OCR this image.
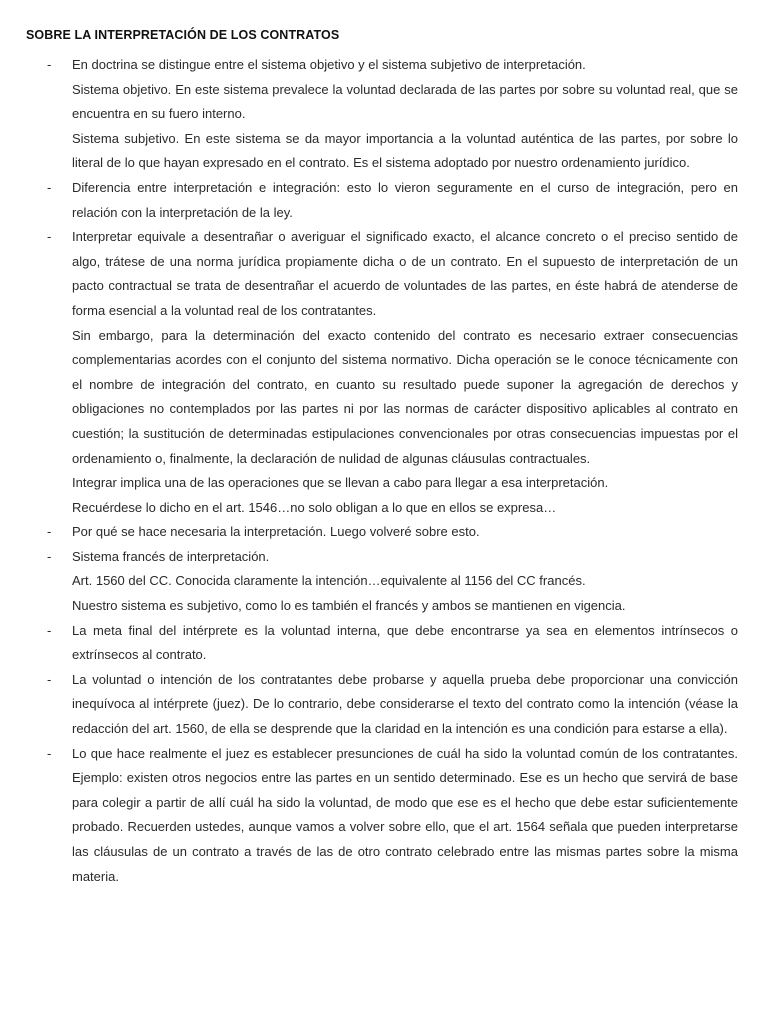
SOBRE LA INTERPRETACIÓN DE LOS CONTRATOS
- En doctrina se distingue entre el sistema objetivo y el sistema subjetivo de interpretación.

Sistema objetivo. En este sistema prevalece la voluntad declarada de las partes por sobre su voluntad real, que se encuentra en su fuero interno.

Sistema subjetivo. En este sistema se da mayor importancia a la voluntad auténtica de las partes, por sobre lo literal de lo que hayan expresado en el contrato. Es el sistema adoptado por nuestro ordenamiento jurídico.

- Diferencia entre interpretación e integración: esto lo vieron seguramente en el curso de integración, pero en relación con la interpretación de la ley.

- Interpretar equivale a desentrañar o averiguar el significado exacto, el alcance concreto o el preciso sentido de algo, trátese de una norma jurídica propiamente dicha o de un contrato. En el supuesto de interpretación de un pacto contractual se trata de desentrañar el acuerdo de voluntades de las partes, en éste habrá de atenderse de forma esencial a la voluntad real de los contratantes.

Sin embargo, para la determinación del exacto contenido del contrato es necesario extraer consecuencias complementarias acordes con el conjunto del sistema normativo. Dicha operación se le conoce técnicamente con el nombre de integración del contrato, en cuanto su resultado puede suponer la agregación de derechos y obligaciones no contemplados por las partes ni por las normas de carácter dispositivo aplicables al contrato en cuestión; la sustitución de determinadas estipulaciones convencionales por otras consecuencias impuestas por el ordenamiento o, finalmente, la declaración de nulidad de algunas cláusulas contractuales.

Integrar implica una de las operaciones que se llevan a cabo para llegar a esa interpretación.

Recuérdese lo dicho en el art. 1546…no solo obligan a lo que en ellos se expresa…

- Por qué se hace necesaria la interpretación. Luego volveré sobre esto.

- Sistema francés de interpretación.

Art. 1560 del CC. Conocida claramente la intención…equivalente al 1156 del CC francés.

Nuestro sistema es subjetivo, como lo es también el francés y ambos se mantienen en vigencia.

- La meta final del intérprete es la voluntad interna, que debe encontrarse ya sea en elementos intrínsecos o extrínsecos al contrato.

- La voluntad o intención de los contratantes debe probarse y aquella prueba debe proporcionar una convicción inequívoca al intérprete (juez). De lo contrario, debe considerarse el texto del contrato como la intención (véase la redacción del art. 1560, de ella se desprende que la claridad en la intención es una condición para estarse a ella).

- Lo que hace realmente el juez es establecer presunciones de cuál ha sido la voluntad común de los contratantes. Ejemplo: existen otros negocios entre las partes en un sentido determinado. Ese es un hecho que servirá de base para colegir a partir de allí cuál ha sido la voluntad, de modo que ese es el hecho que debe estar suficientemente probado. Recuerden ustedes, aunque vamos a volver sobre ello, que el art. 1564 señala que pueden interpretarse las cláusulas de un contrato a través de las de otro contrato celebrado entre las mismas partes sobre la misma materia.
